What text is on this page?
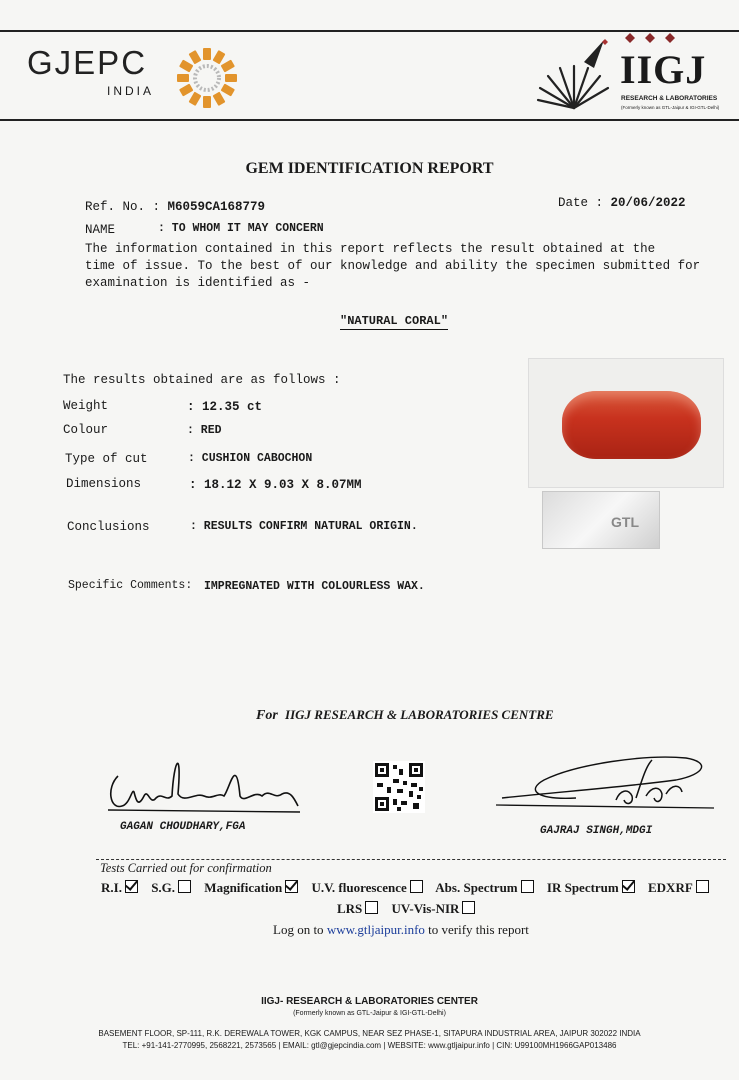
GJEPC
INDIA	IIGJ
RESEARCH & LABORATORIES
(Formerly known as GTL-Jaipur & IGI-GTL-Delhi)
GEM IDENTIFICATION REPORT
Ref. No. : M6059CA168779	Date : 20/06/2022
NAME	: TO WHOM IT MAY CONCERN
The information contained in this report reflects the result obtained at the
time of issue. To the best of our knowledge and ability the specimen submitted for
examination is identified as -
"NATURAL CORAL"
The results obtained are as follows :
Weight	: 12.35 ct
Colour	: RED
Type of cut	: CUSHION CABOCHON
Dimensions	: 18.12 X 9.03 X 8.07MM
Conclusions	: RESULTS CONFIRM NATURAL ORIGIN.
Specific Comments: IMPREGNATED WITH COLOURLESS WAX.
GTL
For IIGJ RESEARCH & LABORATORIES CENTRE
GAGAN CHOUDHARY,FGA	GAJRAJ SINGH,MDGI
Tests Carried out for confirmation
R.I. S.G. Magnification U.V. fluorescence Abs. Spectrum IR Spectrum EDXRF
LRS UV-Vis-NIR
Log on to www.gtljaipur.info to verify this report
IIGJ- RESEARCH & LABORATORIES CENTER
(Formerly known as GTL-Jaipur & IGI-GTL-Delhi)
BASEMENT FLOOR, SP-111, R.K. DEREWALA TOWER, KGK CAMPUS, NEAR SEZ PHASE-1, SITAPURA INDUSTRIAL AREA, JAIPUR 302022 INDIA
TEL: +91-141-2770995, 2568221, 2573565 | EMAIL: gtl@gjepcindia.com | WEBSITE: www.gtljaipur.info | CIN: U99100MH1966GAP013486
